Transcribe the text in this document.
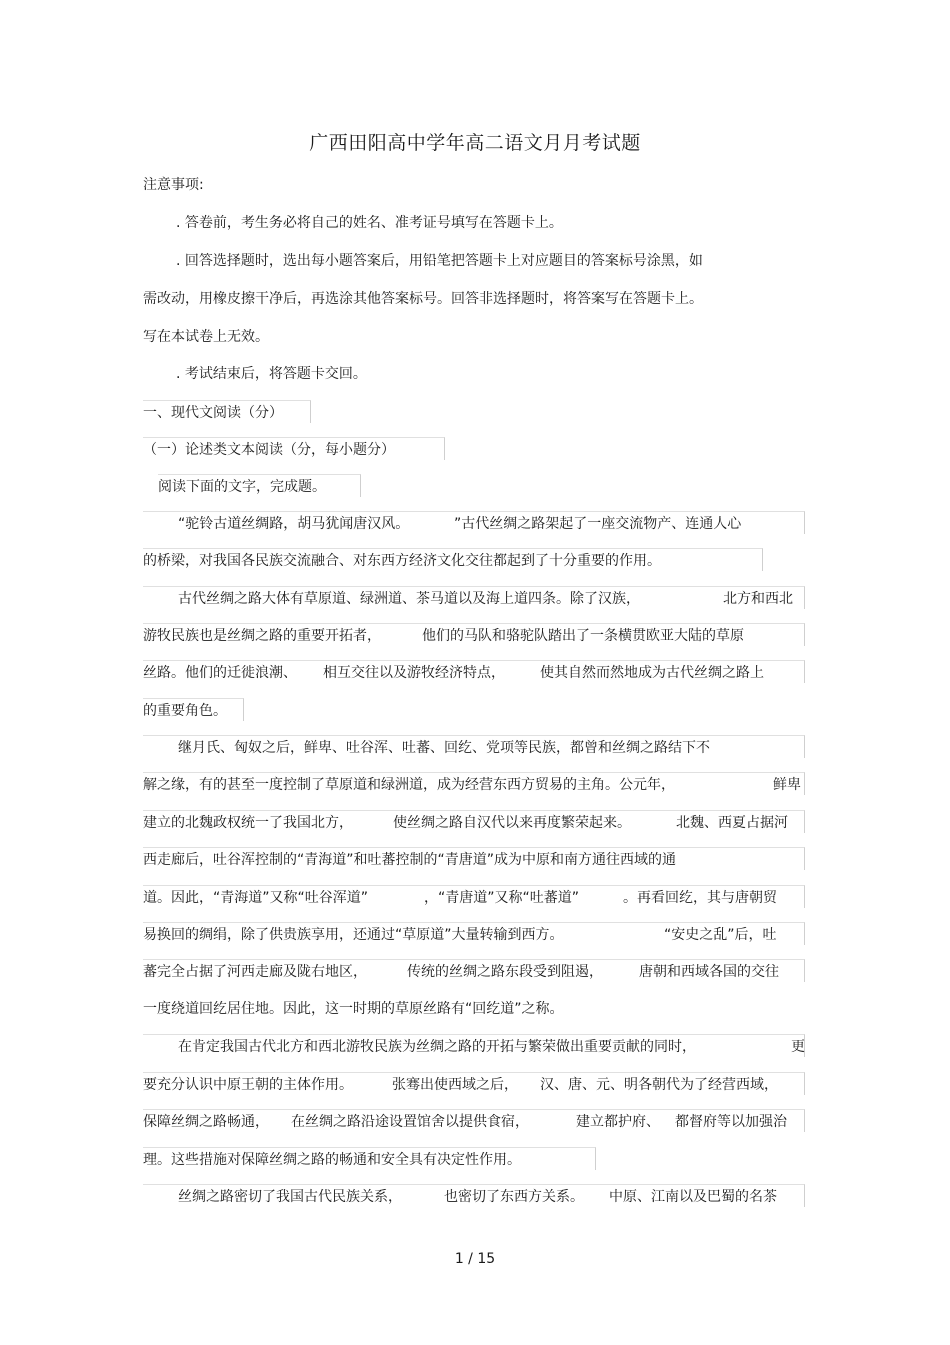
广西田阳高中学年高二语文月月考试题
注意事项:
. 答卷前，考生务必将自己的姓名、准考证号填写在答题卡上。
. 回答选择题时，选出每小题答案后，用铅笔把答题卡上对应题目的答案标号涂黑，如
需改动，用橡皮擦干净后，再选涂其他答案标号。回答非选择题时，将答案写在答题卡上。
写在本试卷上无效。
. 考试结束后，将答题卡交回。
一、现代文阅读（分）
（一）论述类文本阅读（分，每小题分）
阅读下面的文字，完成题。
“驼铃古道丝绸路，胡马犹闻唐汉风。	”古代丝绸之路架起了一座交流物产、连通人心
的桥梁，对我国各民族交流融合、对东西方经济文化交往都起到了十分重要的作用。
古代丝绸之路大体有草原道、绿洲道、茶马道以及海上道四条。除了汉族，	北方和西北
游牧民族也是丝绸之路的重要开拓者，	他们的马队和骆驼队踏出了一条横贯欧亚大陆的草原
丝路。他们的迁徙浪潮、 相互交往以及游牧经济特点，	使其自然而然地成为古代丝绸之路上
的重要角色。
继月氏、匈奴之后，鲜卑、吐谷浑、吐蕃、回纥、党项等民族，都曾和丝绸之路结下不
解之缘，有的甚至一度控制了草原道和绿洲道，成为经营东西方贸易的主角。公元年，	鲜卑
建立的北魏政权统一了我国北方，	使丝绸之路自汉代以来再度繁荣起来。	北魏、西夏占据河
西走廊后，吐谷浑控制的“青海道”和吐蕃控制的“青唐道”成为中原和南方通往西域的通
道。因此，“青海道”又称“吐谷浑道”	，“青唐道”又称“吐蕃道”	。再看回纥，其与唐朝贸
易换回的绸绢，除了供贵族享用，还通过“草原道”大量转输到西方。	“安史之乱”后，吐
蕃完全占据了河西走廊及陇右地区，	传统的丝绸之路东段受到阻遏，	唐朝和西域各国的交往
一度绕道回纥居住地。因此，这一时期的草原丝路有“回纥道”之称。
在肯定我国古代北方和西北游牧民族为丝绸之路的开拓与繁荣做出重要贡献的同时，	更
要充分认识中原王朝的主体作用。	张骞出使西域之后， 汉、唐、元、明各朝代为了经营西域，
保障丝绸之路畅通， 在丝绸之路沿途设置馆舍以提供食宿，	建立都护府、 都督府等以加强治
理。这些措施对保障丝绸之路的畅通和安全具有决定性作用。
丝绸之路密切了我国古代民族关系，	也密切了东西方关系。 中原、江南以及巴蜀的名茶
1 / 15
